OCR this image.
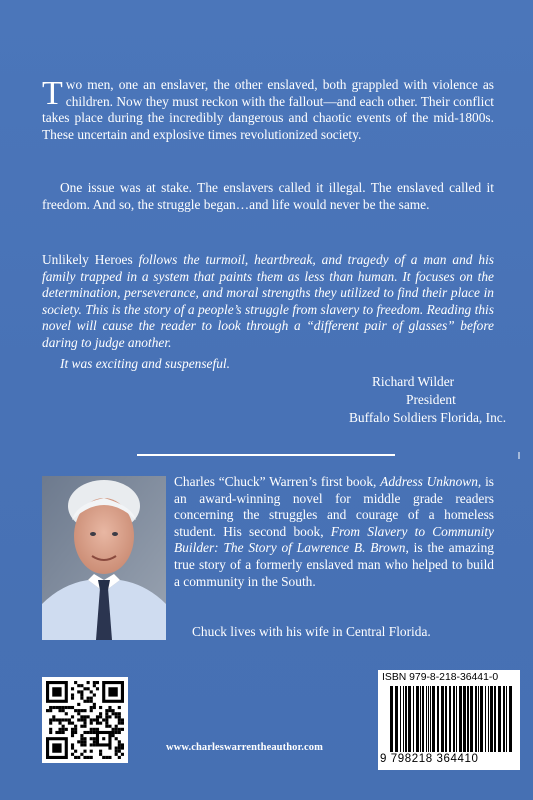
Two men, one an enslaver, the other enslaved, both grappled with violence as children. Now they must reckon with the fallout—and each other. Their conflict takes place during the incredibly dangerous and chaotic events of the mid-1800s. These uncertain and explosive times revolutionized society.
One issue was at stake. The enslavers called it illegal. The enslaved called it freedom. And so, the struggle began…and life would never be the same.
Unlikely Heroes follows the turmoil, heartbreak, and tragedy of a man and his family trapped in a system that paints them as less than human. It focuses on the determination, perseverance, and moral strengths they utilized to find their place in society. This is the story of a people’s struggle from slavery to freedom. Reading this novel will cause the reader to look through a “different pair of glasses” before daring to judge another.
It was exciting and suspenseful.
Richard Wilder
President
Buffalo Soldiers Florida, Inc.
Charles “Chuck” Warren’s first book, Address Unknown, is an award-winning novel for middle grade readers concerning the struggles and courage of a homeless student. His second book, From Slavery to Community Builder: The Story of Lawrence B. Brown, is the amazing true story of a formerly enslaved man who helped to build a community in the South.
Chuck lives with his wife in Central Florida.
www.charleswarrentheauthor.com
ISBN 979-8-218-36441-0
9 798218 364410
